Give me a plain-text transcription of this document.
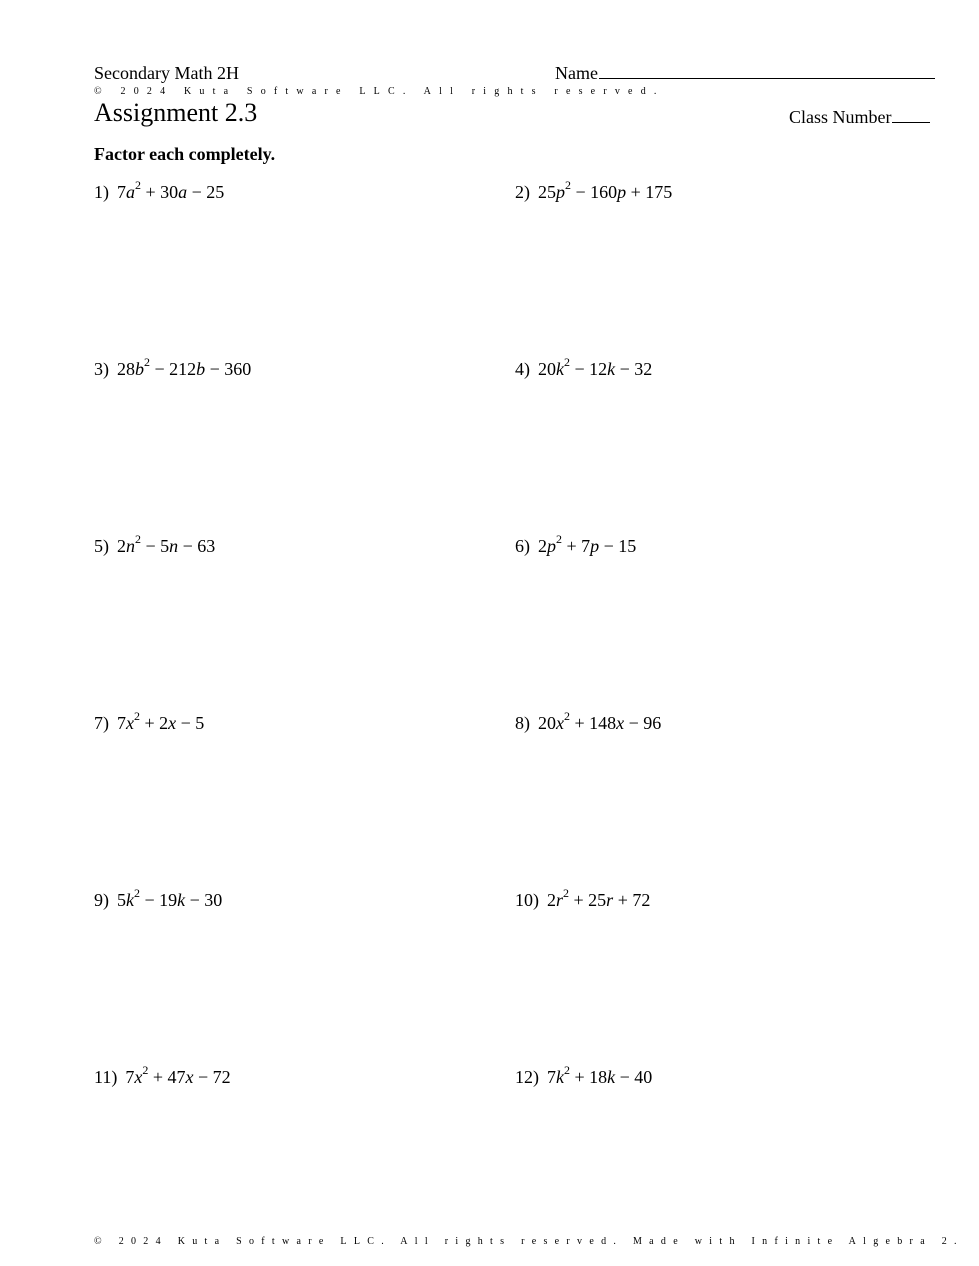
Secondary Math 2H	Name
© 2024 Kuta Software LLC. All rights reserved.
Assignment 2.3	Class Number
Factor each completely.
1) $7a^2 + 30a - 25$	2) $25p^2 - 160p + 175$
3) $28b^2 - 212b - 360$	4) $20k^2 - 12k - 32$
5) $2n^2 - 5n - 63$	6) $2p^2 + 7p - 15$
7) $7x^2 + 2x - 5$	8) $20x^2 + 148x - 96$
9) $5k^2 - 19k - 30$	10) $2r^2 + 25r + 72$
11) $7x^2 + 47x - 72$	12) $7k^2 + 18k - 40$
© 2024 Kuta Software LLC. All rights reserved. Made with Infinite Algebra 2.
